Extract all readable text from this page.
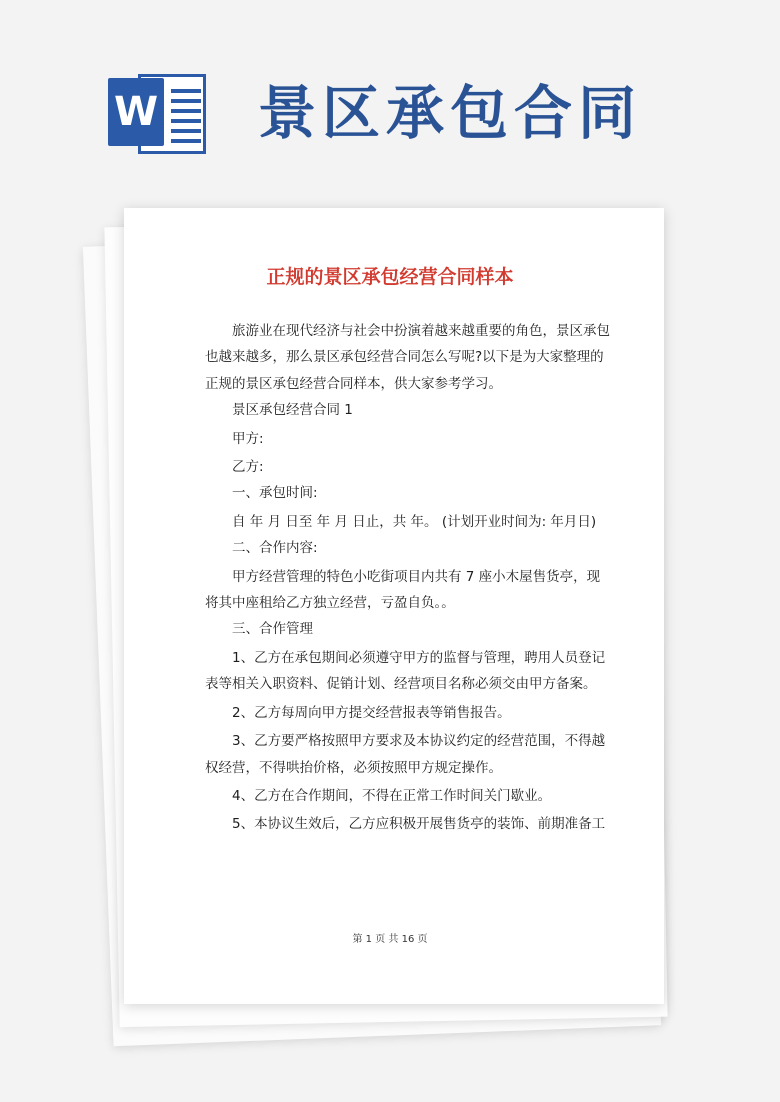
W 景区承包合同
正规的景区承包经营合同样本

旅游业在现代经济与社会中扮演着越来越重要的角色，景区承包也越来越多，那么景区承包经营合同怎么写呢?以下是为大家整理的正规的景区承包经营合同样本，供大家参考学习。

景区承包经营合同 1

甲方:

乙方:

一、承包时间:

自 年 月 日至 年 月 日止，共 年。 (计划开业时间为: 年月日)

二、合作内容:

甲方经营管理的特色小吃街项目内共有 7 座小木屋售货亭，现将其中座租给乙方独立经营，亏盈自负。。

三、合作管理

1、乙方在承包期间必须遵守甲方的监督与管理，聘用人员登记表等相关入职资料、促销计划、经营项目名称必须交由甲方备案。

2、乙方每周向甲方提交经营报表等销售报告。

3、乙方要严格按照甲方要求及本协议约定的经营范围，不得越权经营，不得哄抬价格，必须按照甲方规定操作。

4、乙方在合作期间，不得在正常工作时间关门歇业。

5、本协议生效后，乙方应积极开展售货亭的装饰、前期准备工

第 1 页 共 16 页
